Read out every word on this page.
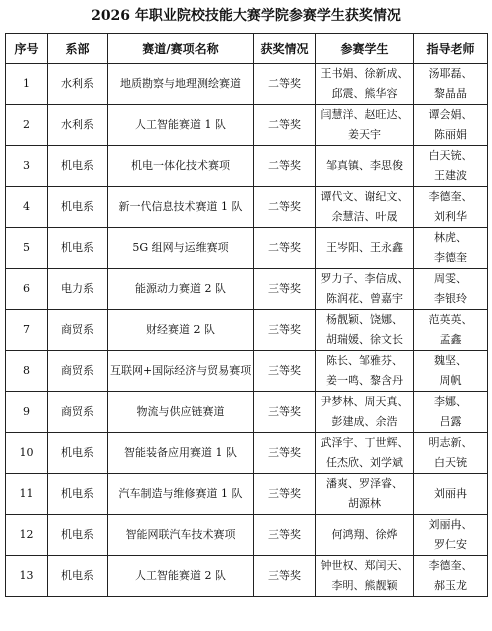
2026 年职业院校技能大赛学院参赛学生获奖情况
序号	系部	赛道/赛项名称	获奖情况	参赛学生	指导老师
1	水利系	地质勘察与地理测绘赛道	二等奖	王书娟、徐新成、
邱震、熊华容	汤耶磊、
黎晶晶

2	水利系	人工智能赛道 1 队	二等奖	闫慧洋、赵旺达、
姜天宇	谭会娟、
陈丽娟

3	机电系	机电一体化技术赛项	二等奖	邹真镇、李思俊	白天铳、
王建波

4	机电系	新一代信息技术赛道 1 队	二等奖	谭代文、谢纪文、
余慧洁、叶晟	李德奎、
刘利华

5	机电系	5G 组网与运维赛项	二等奖	王岑阳、王永鑫	林虎、
李德奎

6	电力系	能源动力赛道 2 队	三等奖	罗力子、李信成、
陈润花、曾嘉宇	周雯、
李银玲

7	商贸系	财经赛道 2 队	三等奖	杨靓颖、饶娜、
胡瑞媛、徐文长	范英英、
孟鑫

8	商贸系	互联网+国际经济与贸易赛项	三等奖	陈长、邹雅芬、
姜一鸣、黎含丹	魏坚、
周帆

9	商贸系	物流与供应链赛道	三等奖	尹梦林、周天真、
彭建成、余浩	李娜、
吕露

10	机电系	智能装备应用赛道 1 队	三等奖	武泽宇、丁世辉、
任杰欣、刘学斌	明志新、
白天铳

11	机电系	汽车制造与维修赛道 1 队	三等奖	潘爽、罗泽睿、
胡源林	刘丽冉

12	机电系	智能网联汽车技术赛项	三等奖	何鸿翔、徐烨	刘丽冉、
罗仁安

13	机电系	人工智能赛道 2 队	三等奖	钟世权、郑闰天、
李明、熊靓颖	李德奎、
郝玉龙
